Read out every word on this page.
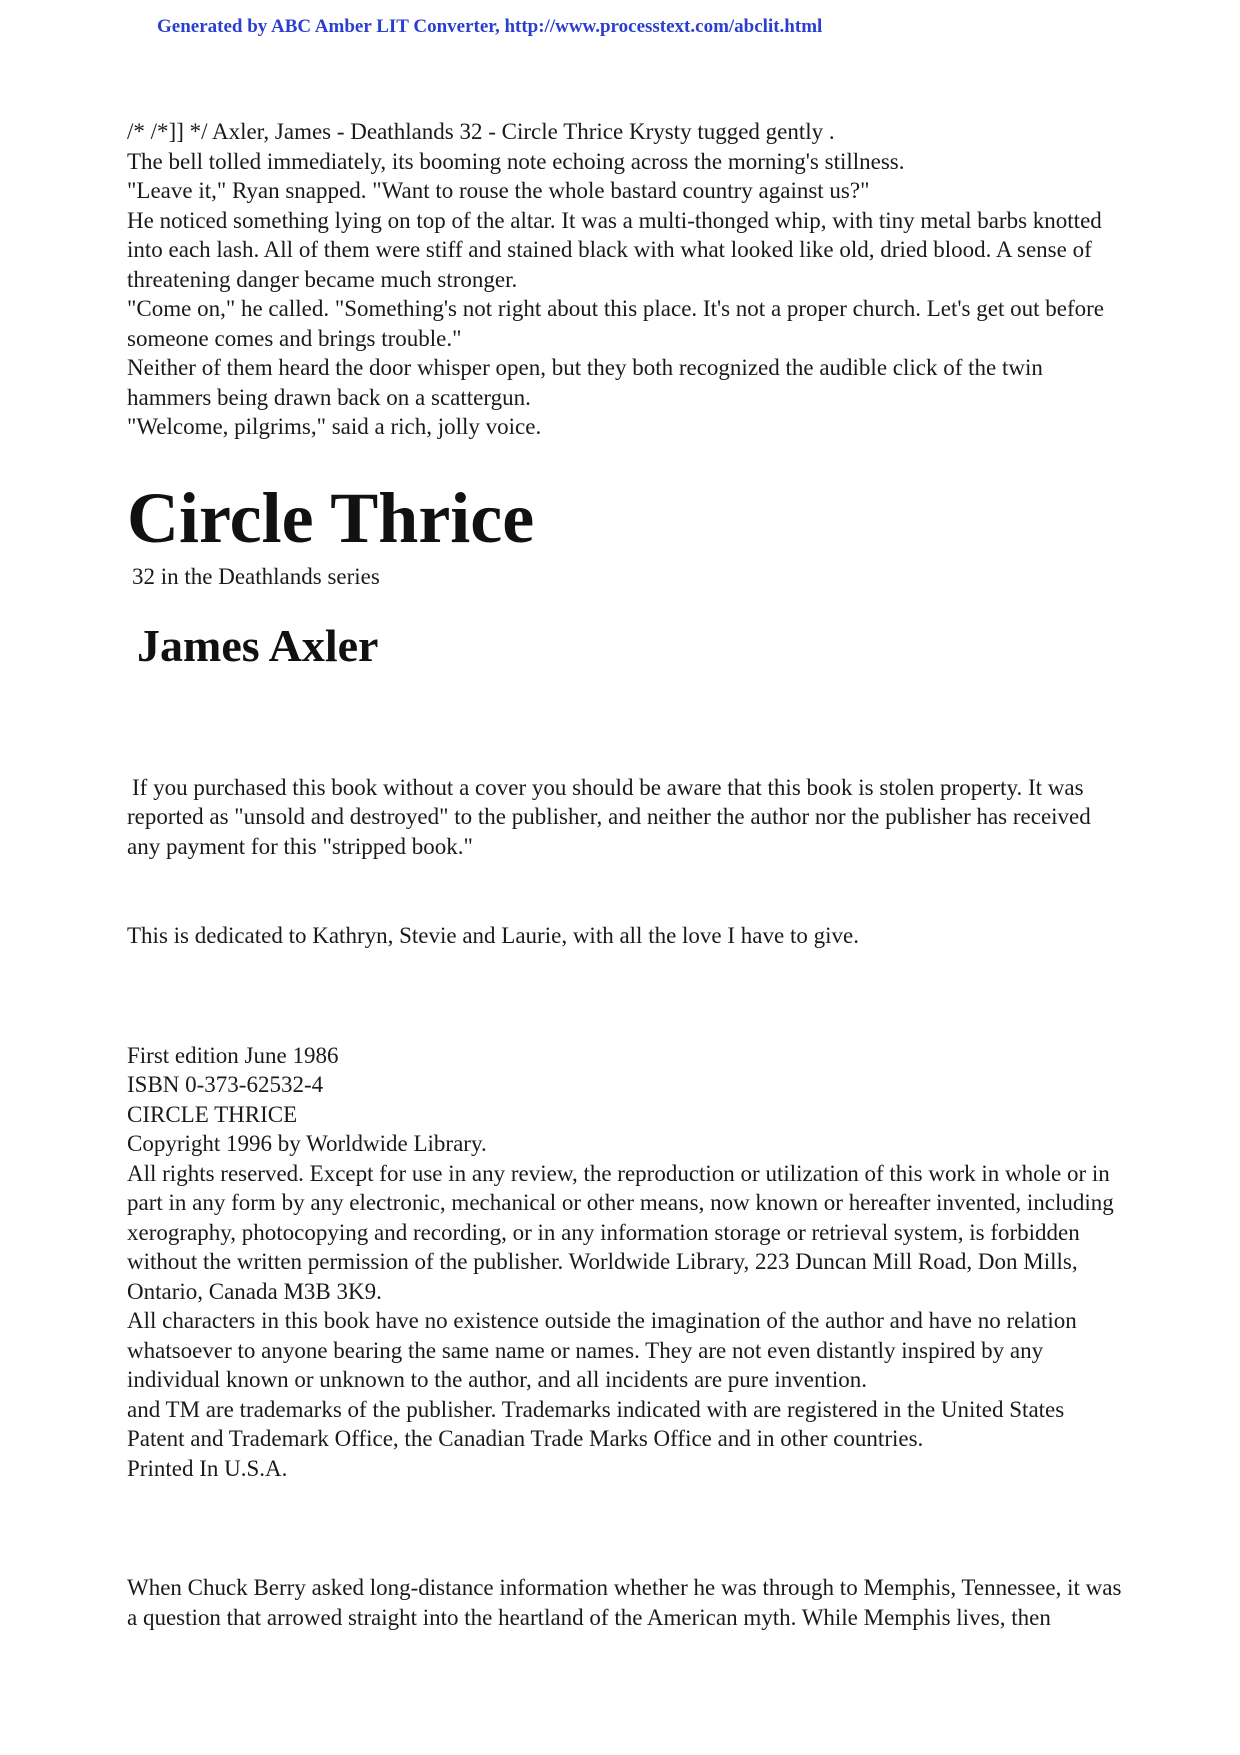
Generated by ABC Amber LIT Converter, http://www.processtext.com/abclit.html

/* /*]] */ Axler, James - Deathlands 32 - Circle Thrice Krysty tugged gently .

The bell tolled immediately, its booming note echoing across the morning's stillness.

"Leave it," Ryan snapped. "Want to rouse the whole bastard country against us?"

He noticed something lying on top of the altar. It was a multi-thonged whip, with tiny metal barbs knotted into each lash. All of them were stiff and stained black with what looked like old, dried blood. A sense of threatening danger became much stronger.

"Come on," he called. "Something's not right about this place. It's not a proper church. Let's get out before someone comes and brings trouble."

Neither of them heard the door whisper open, but they both recognized the audible click of the twin hammers being drawn back on a scattergun.

"Welcome, pilgrims," said a rich, jolly voice.

Circle Thrice
32 in the Deathlands series
James Axler

If you purchased this book without a cover you should be aware that this book is stolen property. It was reported as "unsold and destroyed" to the publisher, and neither the author nor the publisher has received any payment for this "stripped book."

This is dedicated to Kathryn, Stevie and Laurie, with all the love I have to give.

First edition June 1986

ISBN 0-373-62532-4

CIRCLE THRICE

Copyright 1996 by Worldwide Library.

All rights reserved. Except for use in any review, the reproduction or utilization of this work in whole or in part in any form by any electronic, mechanical or other means, now known or hereafter invented, including xerography, photocopying and recording, or in any information storage or retrieval system, is forbidden without the written permission of the publisher. Worldwide Library, 223 Duncan Mill Road, Don Mills, Ontario, Canada M3B 3K9.

All characters in this book have no existence outside the imagination of the author and have no relation whatsoever to anyone bearing the same name or names. They are not even distantly inspired by any individual known or unknown to the author, and all incidents are pure invention.

and TM are trademarks of the publisher. Trademarks indicated with are registered in the United States Patent and Trademark Office, the Canadian Trade Marks Office and in other countries.

Printed In U.S.A.

When Chuck Berry asked long-distance information whether he was through to Memphis, Tennessee, it was a question that arrowed straight into the heartland of the American myth. While Memphis lives, then
